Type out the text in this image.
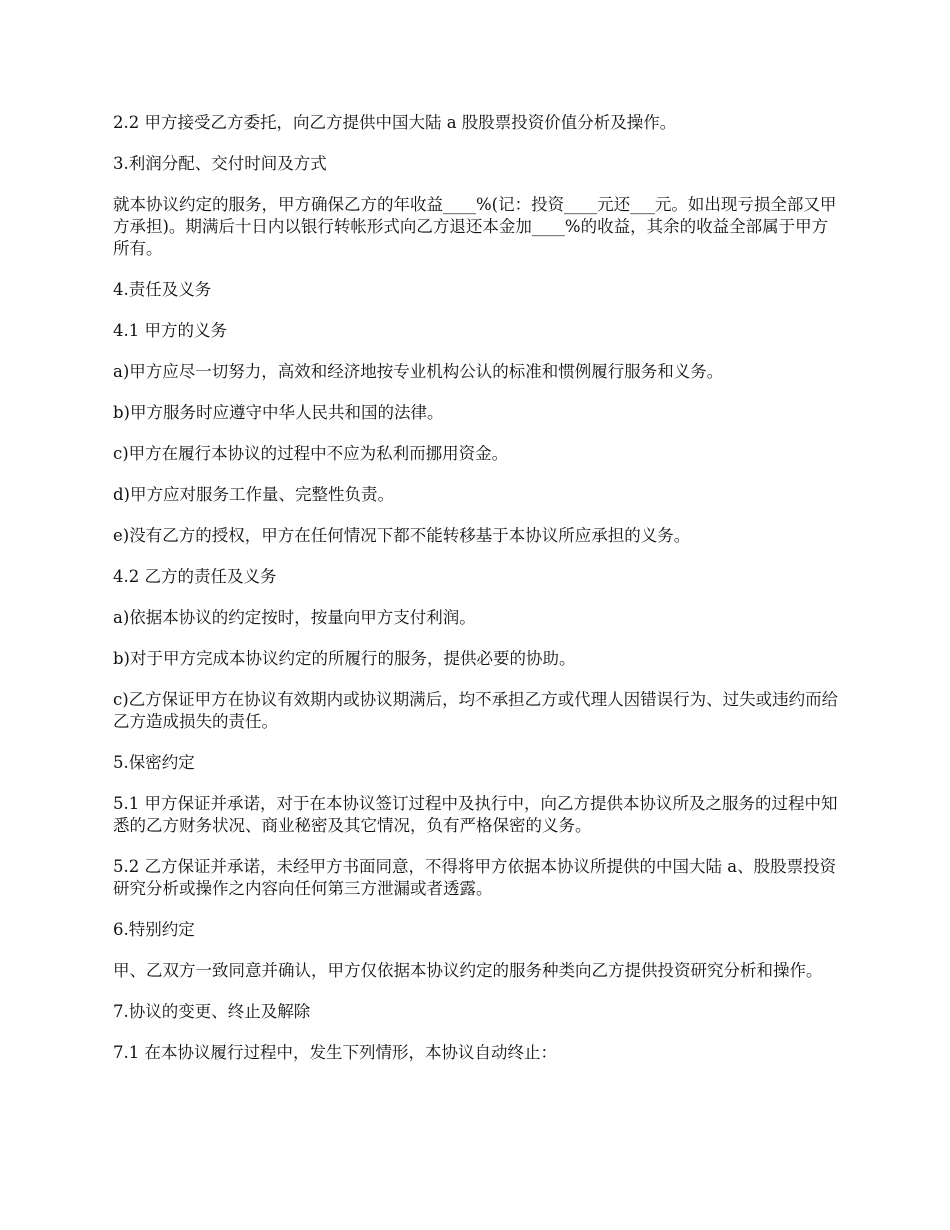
2.2 甲方接受乙方委托，向乙方提供中国大陆 a 股股票投资价值分析及操作。

3.利润分配、交付时间及方式

就本协议约定的服务，甲方确保乙方的年收益____%(记：投资____元还___元。如出现亏损全部又甲方承担)。期满后十日内以银行转帐形式向乙方退还本金加____%的收益，其余的收益全部属于甲方所有。

4.责任及义务

4.1 甲方的义务

a)甲方应尽一切努力，高效和经济地按专业机构公认的标准和惯例履行服务和义务。

b)甲方服务时应遵守中华人民共和国的法律。

c)甲方在履行本协议的过程中不应为私利而挪用资金。

d)甲方应对服务工作量、完整性负责。

e)没有乙方的授权，甲方在任何情况下都不能转移基于本协议所应承担的义务。

4.2 乙方的责任及义务

a)依据本协议的约定按时，按量向甲方支付利润。

b)对于甲方完成本协议约定的所履行的服务，提供必要的协助。

c)乙方保证甲方在协议有效期内或协议期满后，均不承担乙方或代理人因错误行为、过失或违约而给乙方造成损失的责任。

5.保密约定

5.1 甲方保证并承诺，对于在本协议签订过程中及执行中，向乙方提供本协议所及之服务的过程中知悉的乙方财务状况、商业秘密及其它情况，负有严格保密的义务。

5.2 乙方保证并承诺，未经甲方书面同意，不得将甲方依据本协议所提供的中国大陆 a、股股票投资研究分析或操作之内容向任何第三方泄漏或者透露。

6.特别约定

甲、乙双方一致同意并确认，甲方仅依据本协议约定的服务种类向乙方提供投资研究分析和操作。

7.协议的变更、终止及解除

7.1 在本协议履行过程中，发生下列情形，本协议自动终止：
